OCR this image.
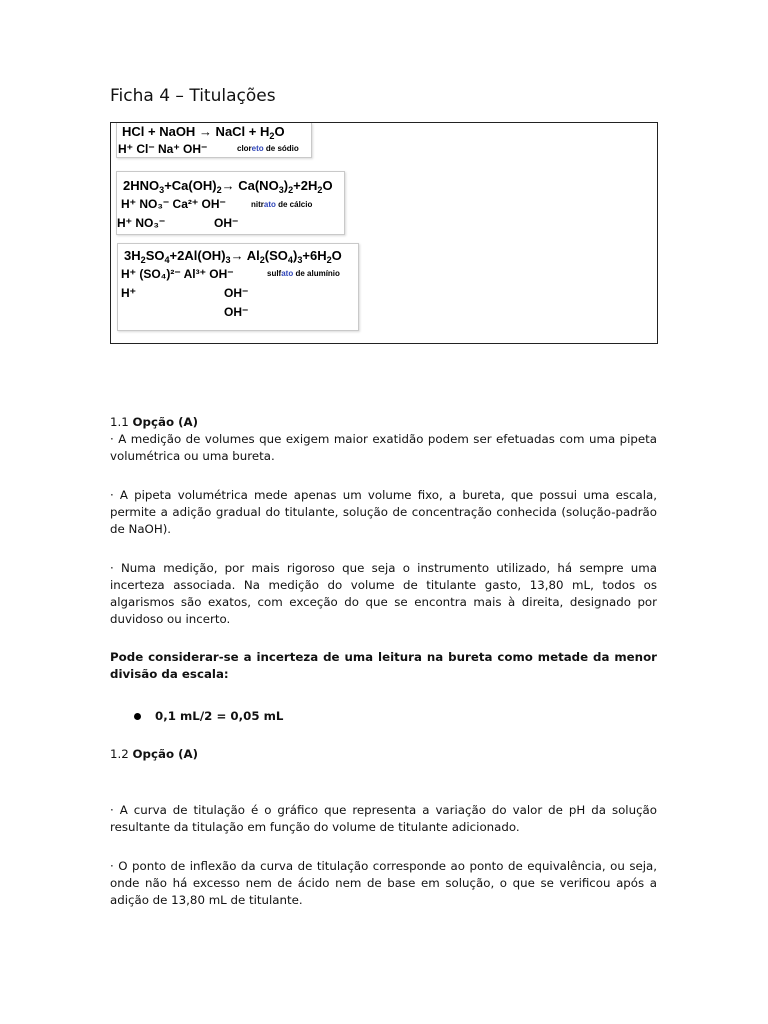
Ficha 4 – Titulações
HCl + NaOH → NaCl + $H_2O$
H⁺ Cl⁻ Na⁺ OH⁻	cloreto de sódio
$2HNO_3+Ca(OH)_2\to Ca(NO_3)_2+2H_2O$
H⁺ NO₃⁻ Ca²⁺ OH⁻	nitrato de cálcio
H⁺ NO₃⁻	OH⁻
$3H_2SO_4+2Al(OH)_3\to Al_2(SO_4)_3+6H_2O$
H⁺ (SO₄)²⁻ Al³⁺ OH⁻	sulfato de alumínio
H⁺	OH⁻
OH⁻
1.1 Opção (A)
· A medição de volumes que exigem maior exatidão podem ser efetuadas com uma pipeta volumétrica ou uma bureta.
· A pipeta volumétrica mede apenas um volume fixo, a bureta, que possui uma escala, permite a adição gradual do titulante, solução de concentração conhecida (solução-padrão de NaOH).
· Numa medição, por mais rigoroso que seja o instrumento utilizado, há sempre uma incerteza associada. Na medição do volume de titulante gasto, 13,80 mL, todos os algarismos são exatos, com exceção do que se encontra mais à direita, designado por duvidoso ou incerto.
Pode considerar-se a incerteza de uma leitura na bureta como metade da menor divisão da escala:
0,1 mL/2 = 0,05 mL
1.2 Opção (A)
· A curva de titulação é o gráfico que representa a variação do valor de pH da solução resultante da titulação em função do volume de titulante adicionado.
· O ponto de inflexão da curva de titulação corresponde ao ponto de equivalência, ou seja, onde não há excesso nem de ácido nem de base em solução, o que se verificou após a adição de 13,80 mL de titulante.
